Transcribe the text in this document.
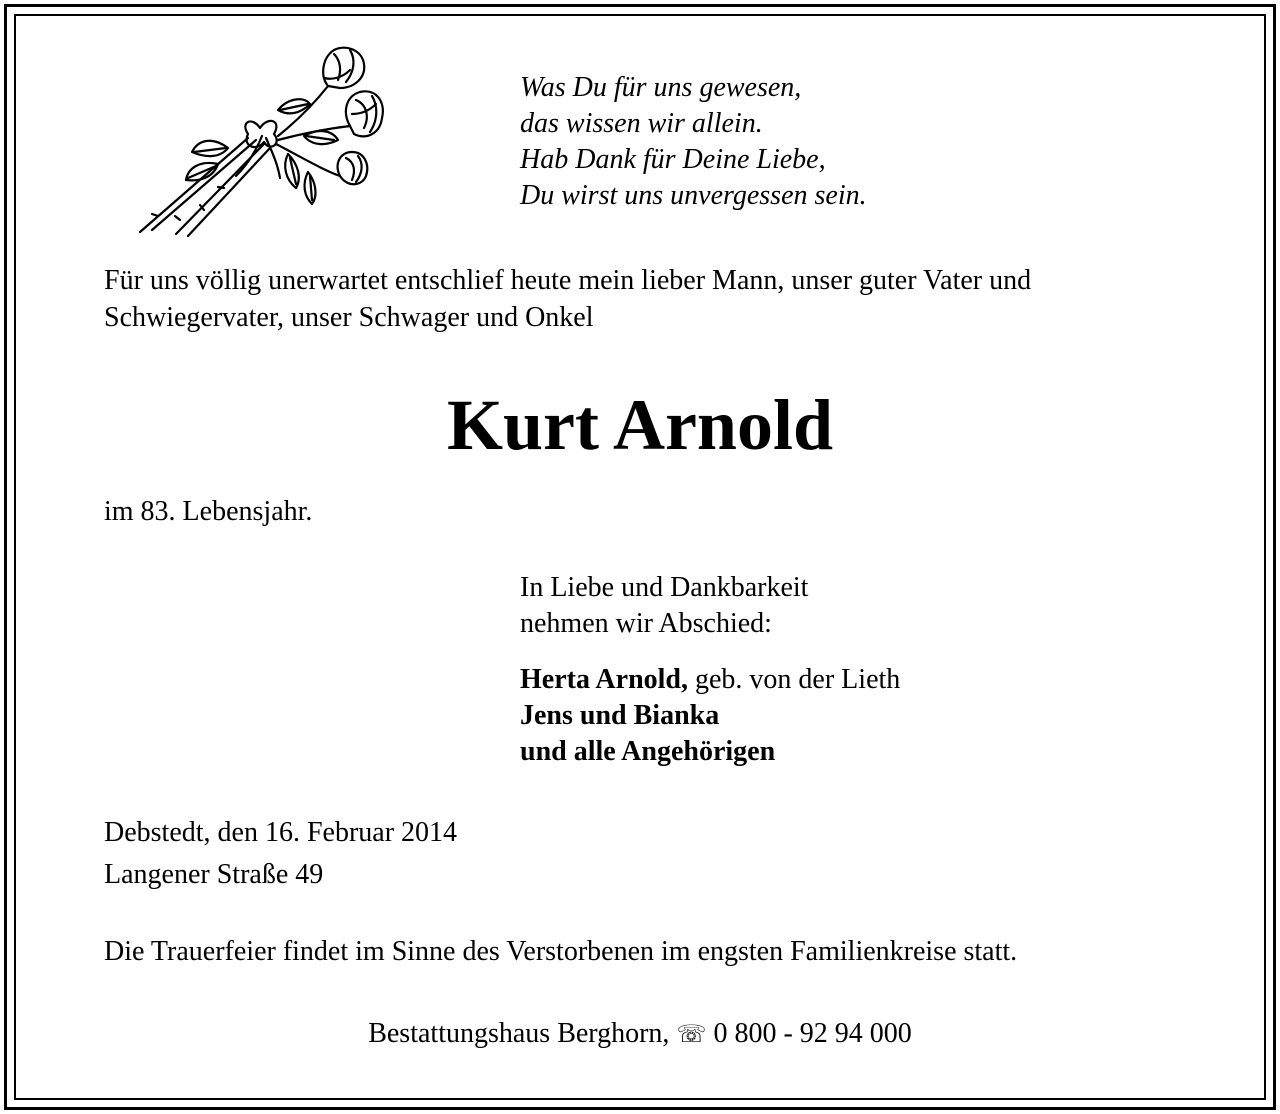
Was Du für uns gewesen,
das wissen wir allein.
Hab Dank für Deine Liebe,
Du wirst uns unvergessen sein.
Für uns völlig unerwartet entschlief heute mein lieber Mann, unser guter Vater und
Schwiegervater, unser Schwager und Onkel
Kurt Arnold
im 83. Lebensjahr.
In Liebe und Dankbarkeit
nehmen wir Abschied:
Herta Arnold, geb. von der Lieth
Jens und Bianka
und alle Angehörigen
Debstedt, den 16. Februar 2014
Langener Straße 49
Die Trauerfeier findet im Sinne des Verstorbenen im engsten Familienkreise statt.
Bestattungshaus Berghorn, ☏ 0 800 - 92 94 000
